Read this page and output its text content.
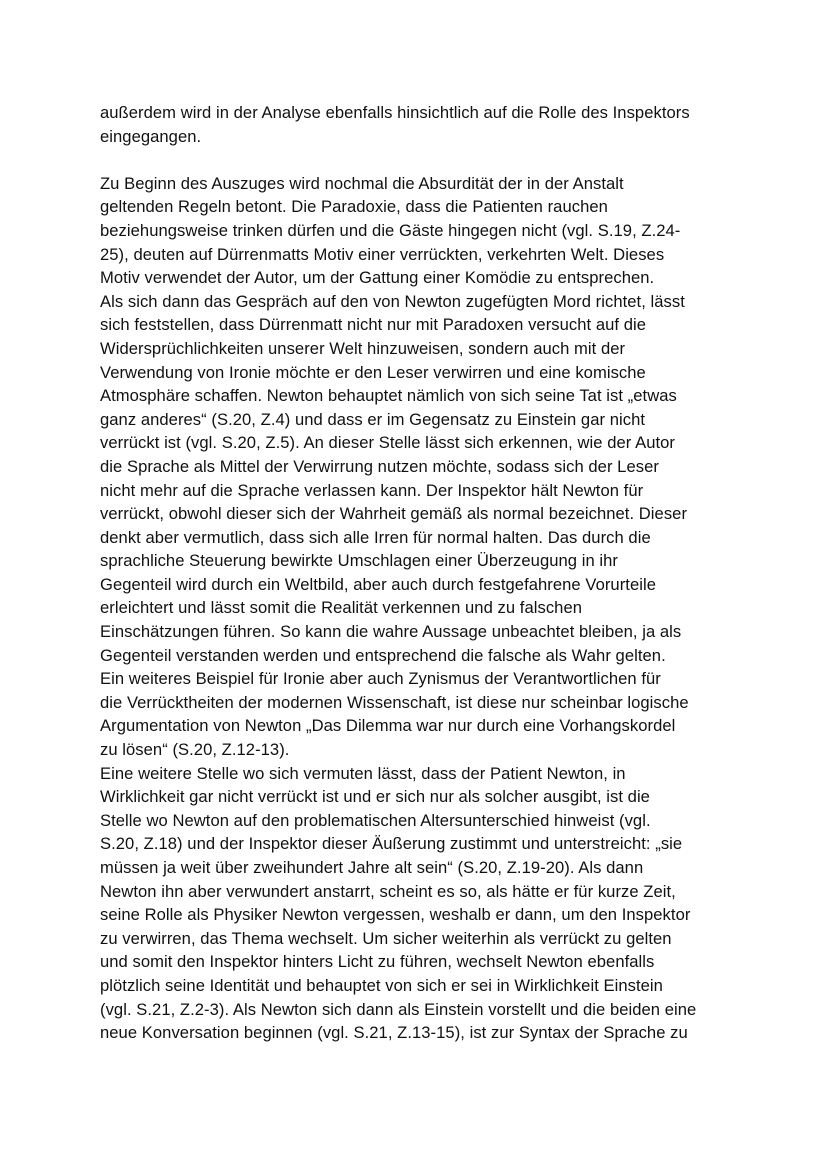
außerdem wird in der Analyse ebenfalls hinsichtlich auf die Rolle des Inspektors
eingegangen.
Zu Beginn des Auszuges wird nochmal die Absurdität der in der Anstalt
geltenden Regeln betont. Die Paradoxie, dass die Patienten rauchen
beziehungsweise trinken dürfen und die Gäste hingegen nicht (vgl. S.19, Z.24-
25), deuten auf Dürrenmatts Motiv einer verrückten, verkehrten Welt. Dieses
Motiv verwendet der Autor, um der Gattung einer Komödie zu entsprechen.
Als sich dann das Gespräch auf den von Newton zugefügten Mord richtet, lässt
sich feststellen, dass Dürrenmatt nicht nur mit Paradoxen versucht auf die
Widersprüchlichkeiten unserer Welt hinzuweisen, sondern auch mit der
Verwendung von Ironie möchte er den Leser verwirren und eine komische
Atmosphäre schaffen. Newton behauptet nämlich von sich seine Tat ist „etwas
ganz anderes“ (S.20, Z.4) und dass er im Gegensatz zu Einstein gar nicht
verrückt ist (vgl. S.20, Z.5). An dieser Stelle lässt sich erkennen, wie der Autor
die Sprache als Mittel der Verwirrung nutzen möchte, sodass sich der Leser
nicht mehr auf die Sprache verlassen kann. Der Inspektor hält Newton für
verrückt, obwohl dieser sich der Wahrheit gemäß als normal bezeichnet. Dieser
denkt aber vermutlich, dass sich alle Irren für normal halten. Das durch die
sprachliche Steuerung bewirkte Umschlagen einer Überzeugung in ihr
Gegenteil wird durch ein Weltbild, aber auch durch festgefahrene Vorurteile
erleichtert und lässt somit die Realität verkennen und zu falschen
Einschätzungen führen. So kann die wahre Aussage unbeachtet bleiben, ja als
Gegenteil verstanden werden und entsprechend die falsche als Wahr gelten.
Ein weiteres Beispiel für Ironie aber auch Zynismus der Verantwortlichen für
die Verrücktheiten der modernen Wissenschaft, ist diese nur scheinbar logische
Argumentation von Newton „Das Dilemma war nur durch eine Vorhangskordel
zu lösen“ (S.20, Z.12-13).
Eine weitere Stelle wo sich vermuten lässt, dass der Patient Newton, in
Wirklichkeit gar nicht verrückt ist und er sich nur als solcher ausgibt, ist die
Stelle wo Newton auf den problematischen Altersunterschied hinweist (vgl.
S.20, Z.18) und der Inspektor dieser Äußerung zustimmt und unterstreicht: „sie
müssen ja weit über zweihundert Jahre alt sein“ (S.20, Z.19-20). Als dann
Newton ihn aber verwundert anstarrt, scheint es so, als hätte er für kurze Zeit,
seine Rolle als Physiker Newton vergessen, weshalb er dann, um den Inspektor
zu verwirren, das Thema wechselt. Um sicher weiterhin als verrückt zu gelten
und somit den Inspektor hinters Licht zu führen, wechselt Newton ebenfalls
plötzlich seine Identität und behauptet von sich er sei in Wirklichkeit Einstein
(vgl. S.21, Z.2-3). Als Newton sich dann als Einstein vorstellt und die beiden eine
neue Konversation beginnen (vgl. S.21, Z.13-15), ist zur Syntax der Sprache zu
